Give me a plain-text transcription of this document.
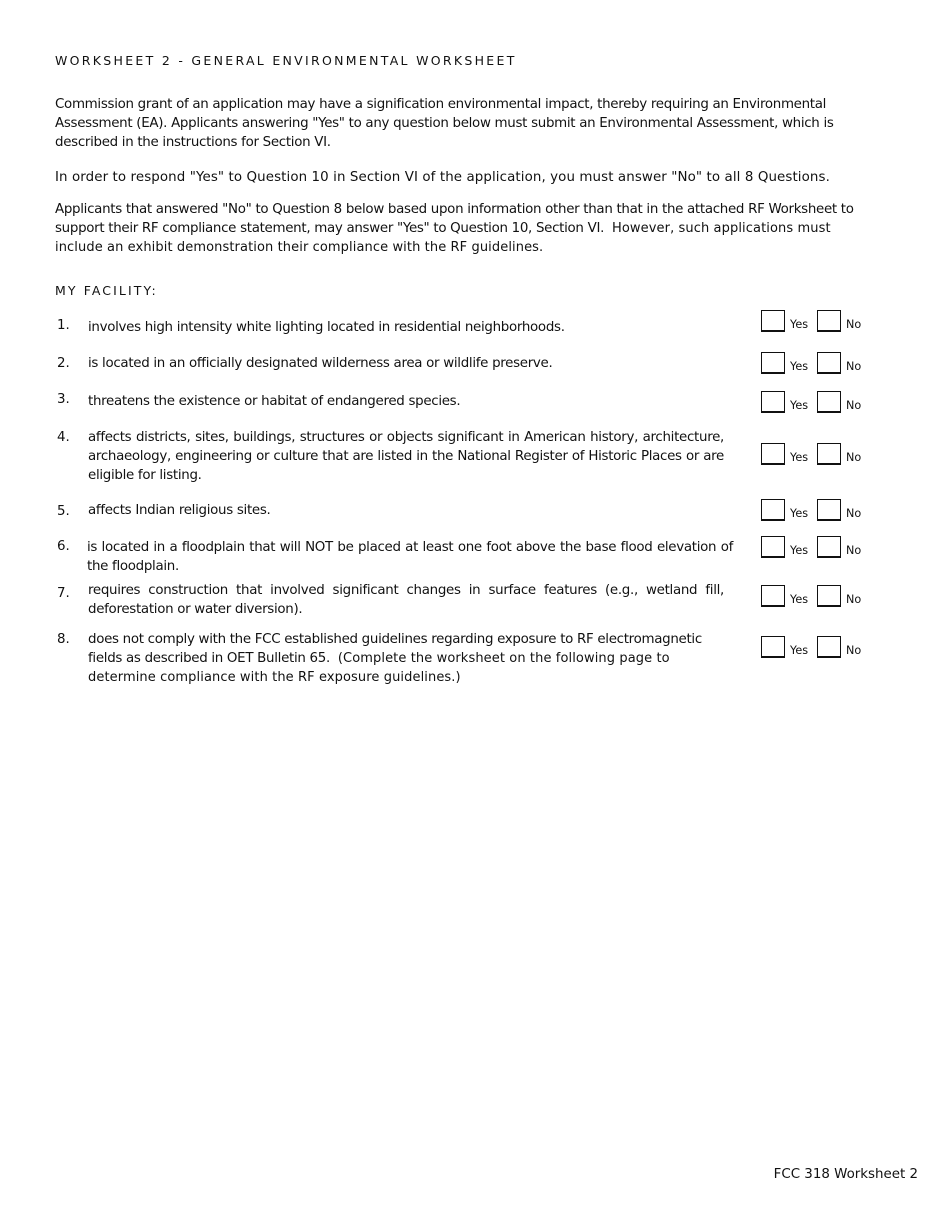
WORKSHEET 2 - GENERAL ENVIRONMENTAL WORKSHEET
Commission grant of an application may have a signification environmental impact, thereby requiring an Environmental Assessment (EA). Applicants answering "Yes" to any question below must submit an Environmental Assessment, which is described in the instructions for Section VI.
In order to respond "Yes" to Question 10 in Section VI of the application, you must answer "No" to all 8 Questions.
Applicants that answered "No" to Question 8 below based upon information other than that in the attached RF Worksheet to support their RF compliance statement, may answer "Yes" to Question 10, Section VI. However, such applications must include an exhibit demonstration their compliance with the RF guidelines.
MY FACILITY:
1. involves high intensity white lighting located in residential neighborhoods.	Yes	No
2. is located in an officially designated wilderness area or wildlife preserve.	Yes	No
3. threatens the existence or habitat of endangered species.	Yes	No
4. affects districts, sites, buildings, structures or objects significant in American history, architecture, archaeology, engineering or culture that are listed in the National Register of Historic Places or are eligible for listing.
Yes	No
5. affects Indian religious sites.	Yes	No
6. is located in a floodplain that will NOT be placed at least one foot above the base flood elevation of the floodplain.
Yes	No
7. requires construction that involved significant changes in surface features (e.g., wetland fill, deforestation or water diversion).
Yes	No
8. does not comply with the FCC established guidelines regarding exposure to RF electromagnetic fields as described in OET Bulletin 65. (Complete the worksheet on the following page to determine compliance with the RF exposure guidelines.)
Yes	No
FCC 318 Worksheet 2
